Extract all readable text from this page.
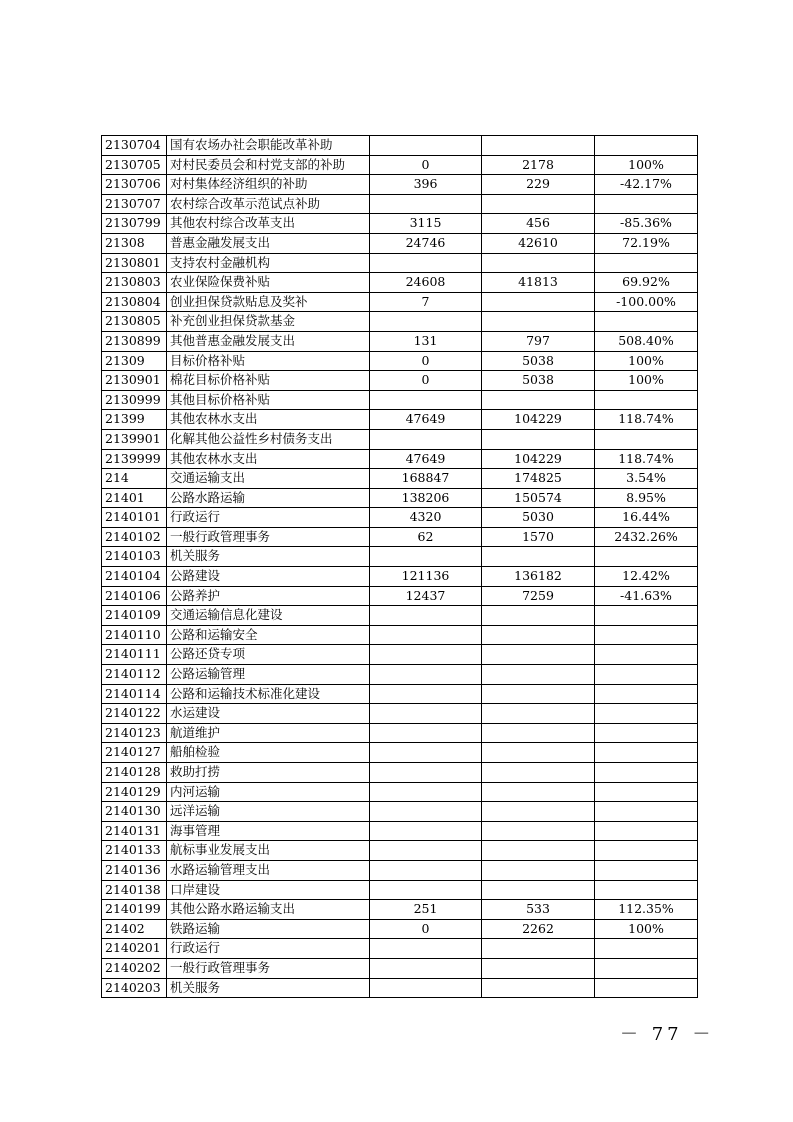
2130704	国有农场办社会职能改革补助			
2130705	对村民委员会和村党支部的补助	0	2178	100%
2130706	对村集体经济组织的补助	396	229	-42.17%
2130707	农村综合改革示范试点补助			
2130799	其他农村综合改革支出	3115	456	-85.36%
21308	普惠金融发展支出	24746	42610	72.19%
2130801	支持农村金融机构			
2130803	农业保险保费补贴	24608	41813	69.92%
2130804	创业担保贷款贴息及奖补	7		-100.00%
2130805	补充创业担保贷款基金			
2130899	其他普惠金融发展支出	131	797	508.40%
21309	目标价格补贴	0	5038	100%
2130901	棉花目标价格补贴	0	5038	100%
2130999	其他目标价格补贴			
21399	其他农林水支出	47649	104229	118.74%
2139901	化解其他公益性乡村债务支出			
2139999	其他农林水支出	47649	104229	118.74%
214	交通运输支出	168847	174825	3.54%
21401	公路水路运输	138206	150574	8.95%
2140101	行政运行	4320	5030	16.44%
2140102	一般行政管理事务	62	1570	2432.26%
2140103	机关服务			
2140104	公路建设	121136	136182	12.42%
2140106	公路养护	12437	7259	-41.63%
2140109	交通运输信息化建设			
2140110	公路和运输安全			
2140111	公路还贷专项			
2140112	公路运输管理			
2140114	公路和运输技术标准化建设			
2140122	水运建设			
2140123	航道维护			
2140127	船舶检验			
2140128	救助打捞			
2140129	内河运输			
2140130	远洋运输			
2140131	海事管理			
2140133	航标事业发展支出			
2140136	水路运输管理支出			
2140138	口岸建设			
2140199	其他公路水路运输支出	251	533	112.35%
21402	铁路运输	0	2262	100%
2140201	行政运行			
2140202	一般行政管理事务			
2140203	机关服务			
－ 77 －
